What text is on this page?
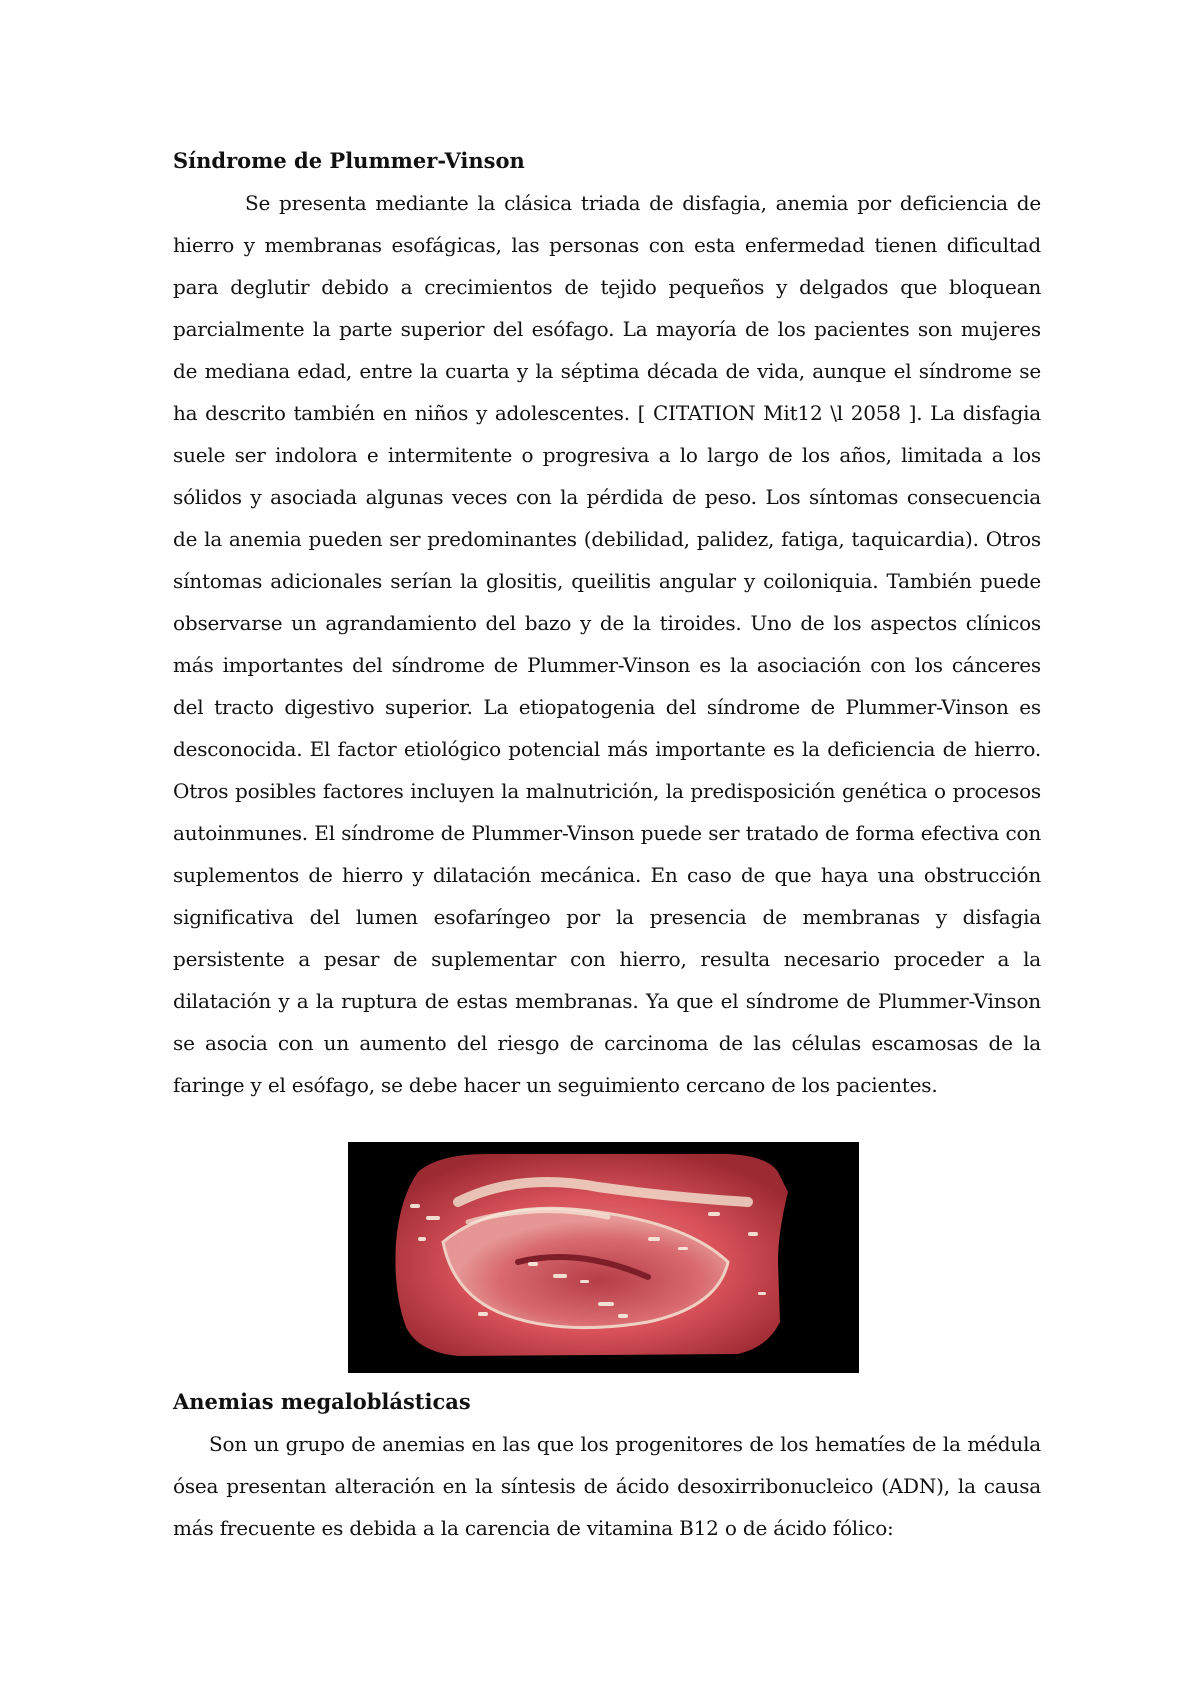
Síndrome de Plummer-Vinson

Se presenta mediante la clásica triada de disfagia, anemia por deficiencia de hierro y membranas esofágicas, las personas con esta enfermedad tienen dificultad para deglutir debido a crecimientos de tejido pequeños y delgados que bloquean parcialmente la parte superior del esófago. La mayoría de los pacientes son mujeres de mediana edad, entre la cuarta y la séptima década de vida, aunque el síndrome se ha descrito también en niños y adolescentes. [ CITATION Mit12 \l 2058 ]. La disfagia suele ser indolora e intermitente o progresiva a lo largo de los años, limitada a los sólidos y asociada algunas veces con la pérdida de peso. Los síntomas consecuencia de la anemia pueden ser predominantes (debilidad, palidez, fatiga, taquicardia). Otros síntomas adicionales serían la glositis, queilitis angular y coiloniquia. También puede observarse un agrandamiento del bazo y de la tiroides. Uno de los aspectos clínicos más importantes del síndrome de Plummer-Vinson es la asociación con los cánceres del tracto digestivo superior. La etiopatogenia del síndrome de Plummer-Vinson es desconocida. El factor etiológico potencial más importante es la deficiencia de hierro. Otros posibles factores incluyen la malnutrición, la predisposición genética o procesos autoinmunes. El síndrome de Plummer-Vinson puede ser tratado de forma efectiva con suplementos de hierro y dilatación mecánica. En caso de que haya una obstrucción significativa del lumen esofaríngeo por la presencia de membranas y disfagia persistente a pesar de suplementar con hierro, resulta necesario proceder a la dilatación y a la ruptura de estas membranas. Ya que el síndrome de Plummer-Vinson se asocia con un aumento del riesgo de carcinoma de las células escamosas de la faringe y el esófago, se debe hacer un seguimiento cercano de los pacientes.

Anemias megaloblásticas

Son un grupo de anemias en las que los progenitores de los hematíes de la médula ósea presentan alteración en la síntesis de ácido desoxirribonucleico (ADN), la causa más frecuente es debida a la carencia de vitamina B12 o de ácido fólico:
